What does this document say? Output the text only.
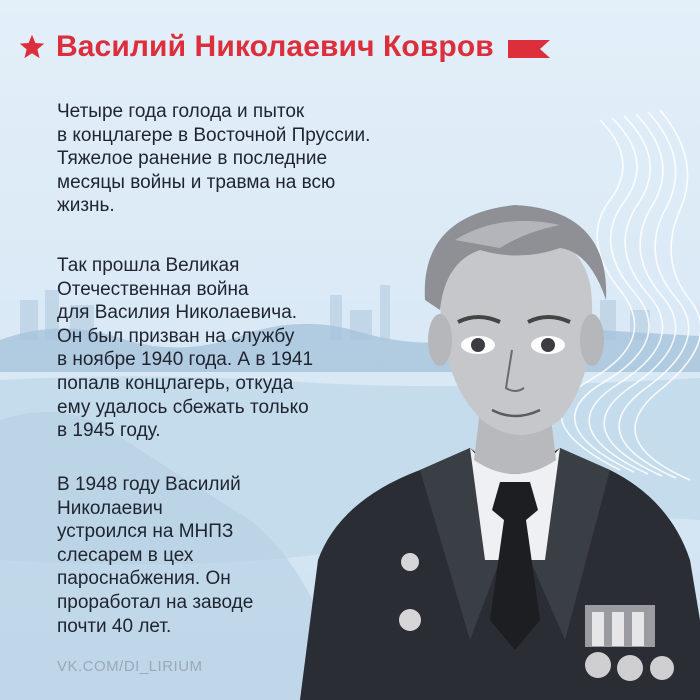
Василий Николаевич Ковров

Четыре года голода и пыток
в концлагере в Восточной Пруссии.
Тяжелое ранение в последние
месяцы войны и травма на всю
жизнь.

Так прошла Великая
Отечественная война
для Василия Николаевича.
Он был призван на службу
в ноябре 1940 года. А в 1941
попалв концлагерь, откуда
ему удалось сбежать только
в 1945 году.

В 1948 году Василий
Николаевич
устроился на МНПЗ
слесарем в цех
пароснабжения. Он
проработал на заводе
почти 40 лет.

VK.COM/DI_LIRIUM
